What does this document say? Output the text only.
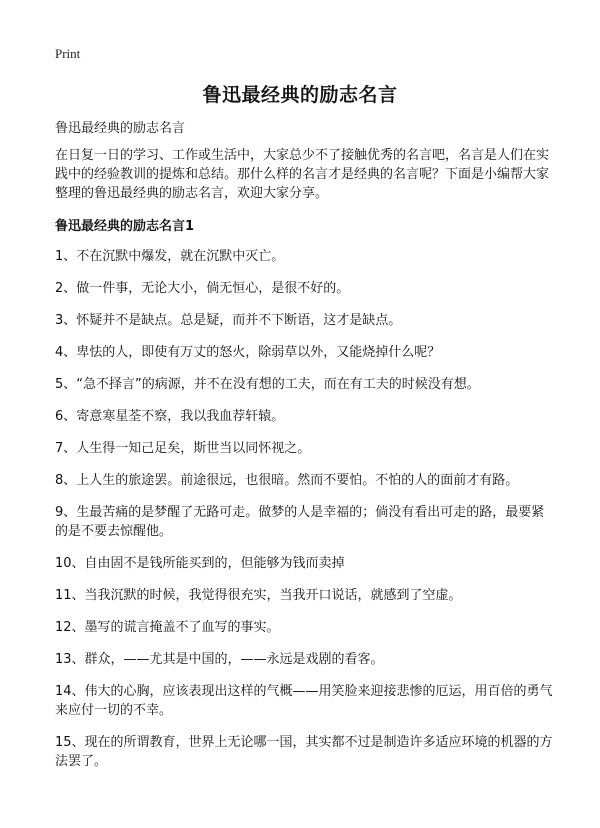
Print
鲁迅最经典的励志名言

鲁迅最经典的励志名言

在日复一日的学习、工作或生活中，大家总少不了接触优秀的名言吧，名言是人们在实践中的经验教训的提炼和总结。那什么样的名言才是经典的名言呢？下面是小编帮大家整理的鲁迅最经典的励志名言，欢迎大家分享。

鲁迅最经典的励志名言1

1、不在沉默中爆发，就在沉默中灭亡。

2、做一件事，无论大小，倘无恒心，是很不好的。

3、怀疑并不是缺点。总是疑，而并不下断语，这才是缺点。

4、卑怯的人，即使有万丈的怒火，除弱草以外，又能烧掉什么呢？

5、“急不择言”的病源，并不在没有想的工夫，而在有工夫的时候没有想。

6、寄意寒星荃不察，我以我血荐轩辕。

7、人生得一知己足矣，斯世当以同怀视之。

8、上人生的旅途罢。前途很远，也很暗。然而不要怕。不怕的人的面前才有路。

9、生最苦痛的是梦醒了无路可走。做梦的人是幸福的；倘没有看出可走的路，最要紧的是不要去惊醒他。

10、自由固不是钱所能买到的，但能够为钱而卖掉

11、当我沉默的时候，我觉得很充实，当我开口说话，就感到了空虚。

12、墨写的谎言掩盖不了血写的事实。

13、群众，——尤其是中国的，——永远是戏剧的看客。

14、伟大的心胸，应该表现出这样的气概——用笑脸来迎接悲惨的厄运，用百倍的勇气来应付一切的不幸。

15、现在的所谓教育，世界上无论哪一国，其实都不过是制造许多适应环境的机器的方法罢了。
